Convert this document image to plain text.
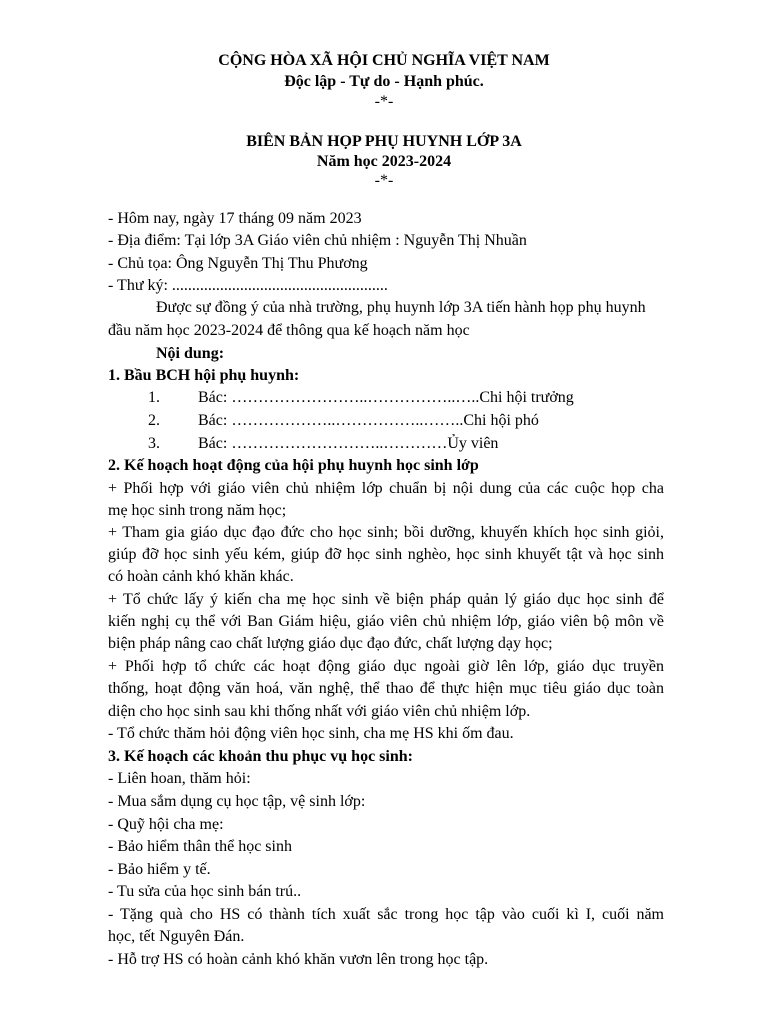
CỘNG HÒA XÃ HỘI CHỦ NGHĨA VIỆT NAM
Độc lập - Tự do - Hạnh phúc.
-*-
BIÊN BẢN HỌP PHỤ HUYNH LỚP 3A
Năm học 2023-2024
-*-
- Hôm nay, ngày 17 tháng 09 năm 2023
- Địa điểm: Tại lớp 3A Giáo viên chủ nhiệm : Nguyễn Thị Nhuần
- Chủ tọa: Ông Nguyễn Thị Thu Phương
- Thư ký: ......................................................
Được sự đồng ý của nhà trường, phụ huynh lớp 3A tiến hành họp phụ huynh
đầu năm học 2023-2024 để thông qua kế hoạch năm học
Nội dung:
1. Bầu BCH hội phụ huynh:
1. Bác: ……………………..……………..…..Chi hội trưởng
2. Bác: ………………..……………..……..Chi hội phó
3. Bác: ………………………..…………Ủy viên
2. Kế hoạch hoạt động của hội phụ huynh học sinh lớp
+ Phối hợp với giáo viên chủ nhiệm lớp chuẩn bị nội dung của các cuộc họp cha
mẹ học sinh trong năm học;
+ Tham gia giáo dục đạo đức cho học sinh; bồi dưỡng, khuyến khích học sinh giỏi,
giúp đỡ học sinh yếu kém, giúp đỡ học sinh nghèo, học sinh khuyết tật và học sinh
có hoàn cảnh khó khăn khác.
+ Tổ chức lấy ý kiến cha mẹ học sinh về biện pháp quản lý giáo dục học sinh để
kiến nghị cụ thể với Ban Giám hiệu, giáo viên chủ nhiệm lớp, giáo viên bộ môn về
biện pháp nâng cao chất lượng giáo dục đạo đức, chất lượng dạy học;
+ Phối hợp tổ chức các hoạt động giáo dục ngoài giờ lên lớp, giáo dục truyền
thống, hoạt động văn hoá, văn nghệ, thể thao để thực hiện mục tiêu giáo dục toàn
diện cho học sinh sau khi thống nhất với giáo viên chủ nhiệm lớp.
- Tổ chức thăm hỏi động viên học sinh, cha mẹ HS khi ốm đau.
3. Kế hoạch các khoản thu phục vụ học sinh:
- Liên hoan, thăm hỏi:
- Mua sắm dụng cụ học tập, vệ sinh lớp:
- Quỹ hội cha mẹ:
- Bảo hiểm thân thể học sinh
- Bảo hiểm y tế.
- Tu sửa của học sinh bán trú..
- Tặng quà cho HS có thành tích xuất sắc trong học tập vào cuối kì I, cuối năm
học, tết Nguyên Đán.
- Hỗ trợ HS có hoàn cảnh khó khăn vươn lên trong học tập.
